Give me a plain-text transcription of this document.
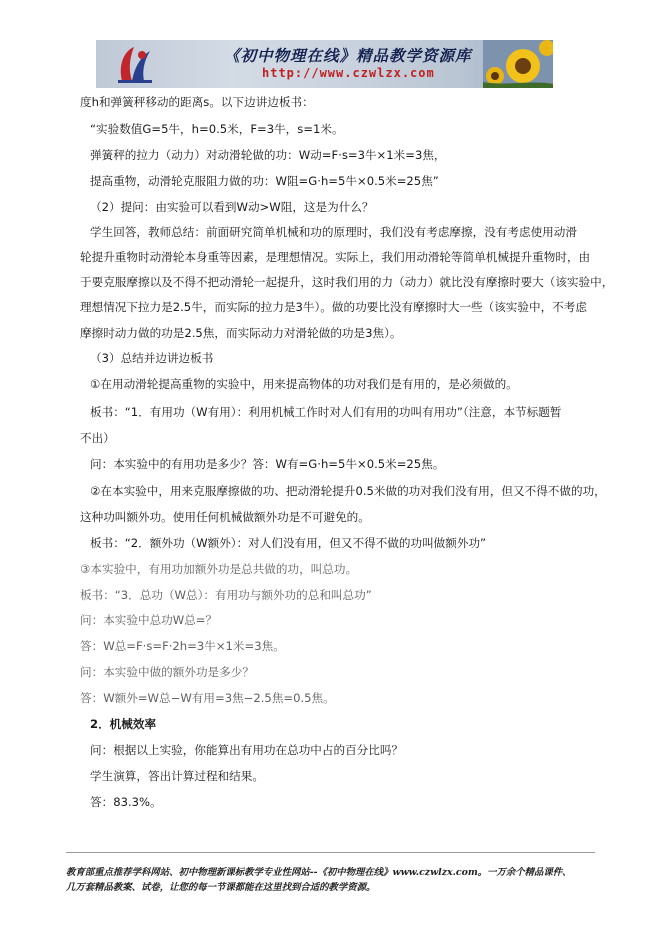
《初中物理在线》精品教学资源库
http://www.czwlzx.com
度h和弹簧秤移动的距离s。以下边讲边板书：
“实验数值G=5牛，h=0.5米，F=3牛，s=1米。
弹簧秤的拉力（动力）对动滑轮做的功：W动=F·s=3牛×1米=3焦，
提高重物，动滑轮克服阻力做的功：W阻=G·h=5牛×0.5米=25焦”
（2）提问：由实验可以看到W动>W阻，这是为什么？
学生回答，教师总结：前面研究简单机械和功的原理时，我们没有考虑摩擦，没有考虑使用动滑
轮提升重物时动滑轮本身重等因素，是理想情况。实际上，我们用动滑轮等简单机械提升重物时，由
于要克服摩擦以及不得不把动滑轮一起提升，这时我们用的力（动力）就比没有摩擦时要大（该实验中，
理想情况下拉力是2.5牛，而实际的拉力是3牛）。做的功要比没有摩擦时大一些（该实验中，不考虑
摩擦时动力做的功是2.5焦，而实际动力对滑轮做的功是3焦）。
（3）总结并边讲边板书
①在用动滑轮提高重物的实验中，用来提高物体的功对我们是有用的，是必须做的。
板书：“1．有用功（W有用）：利用机械工作时对人们有用的功叫有用功”（注意，本节标题暂
不出）
问：本实验中的有用功是多少？答：W有=G·h=5牛×0.5米=25焦。
②在本实验中，用来克服摩擦做的功、把动滑轮提升0.5米做的功对我们没有用，但又不得不做的功，
这种功叫额外功。使用任何机械做额外功是不可避免的。
板书：“2．额外功（W额外）：对人们没有用，但又不得不做的功叫做额外功”
③本实验中，有用功加额外功是总共做的功，叫总功。
板书：“3．总功（W总）：有用功与额外功的总和叫总功”
问：本实验中总功W总=？
答：W总=F·s=F·2h=3牛×1米=3焦。
问：本实验中做的额外功是多少？
答：W额外=W总−W有用=3焦−2.5焦=0.5焦。
2．机械效率
问：根据以上实验，你能算出有用功在总功中占的百分比吗？
学生演算，答出计算过程和结果。
答：83.3%。
教育部重点推荐学科网站、初中物理新课标教学专业性网站--《初中物理在线》www.czwlzx.com。一万余个精品课件、
几万套精品教案、试卷，让您的每一节课都能在这里找到合适的教学资源。
